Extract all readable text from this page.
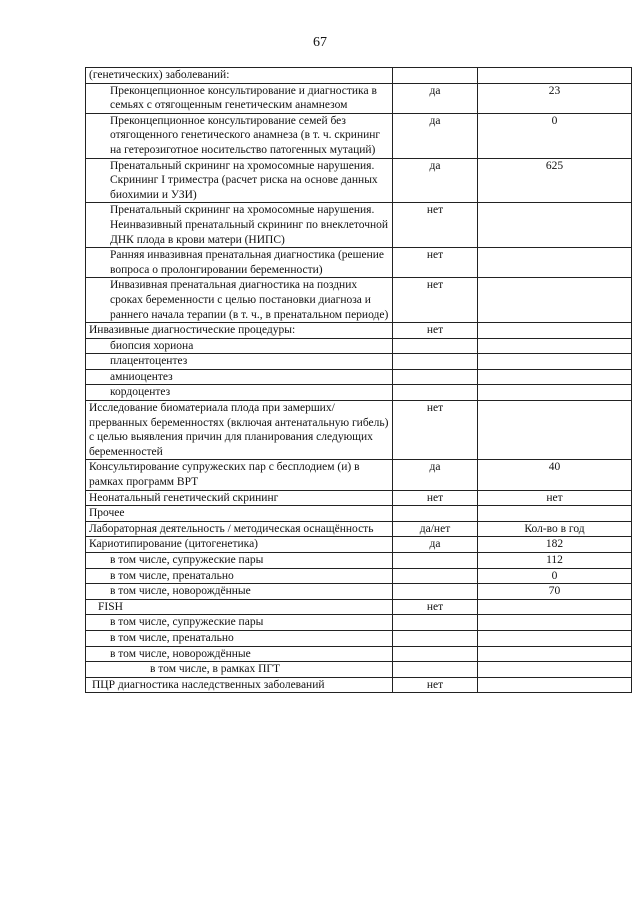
67
(генетических) заболеваний:		
Преконцепционное консультирование и диагностика в семьях с отягощенным генетическим анамнезом	да	23
Преконцепционное консультирование семей без отягощенного генетического анамнеза (в т. ч. скрининг на гетерозиготное носительство патогенных мутаций)	да	0
Пренатальный скрининг на хромосомные нарушения. Скрининг I триместра (расчет риска на основе данных биохимии и УЗИ)	да	625
Пренатальный скрининг на хромосомные нарушения. Неинвазивный пренатальный скрининг по внеклеточной ДНК плода в крови матери (НИПС)	нет	
Ранняя инвазивная пренатальная диагностика (решение вопроса о пролонгировании беременности)	нет	
Инвазивная пренатальная диагностика на поздних сроках беременности с целью постановки диагноза и раннего начала терапии (в т. ч., в пренатальном периоде)	нет	
Инвазивные диагностические процедуры:	нет	
биопсия хориона		
плацентоцентез		
амниоцентез		
кордоцентез		
Исследование биоматериала плода при замерших/прерванных беременностях (включая антенатальную гибель) с целью выявления причин для планирования следующих беременностей	нет	
Консультирование супружеских пар с бесплодием (и) в рамках программ ВРТ	да	40
Неонатальный генетический скрининг	нет	нет
Прочее		
Лабораторная деятельность / методическая оснащённость	да/нет	Кол-во в год
Кариотипирование (цитогенетика)	да	182
в том числе, супружеские пары		112
в том числе, пренатально		0
в том числе, новорождённые		70
FISH	нет	
в том числе, супружеские пары		
в том числе, пренатально		
в том числе, новорождённые		
в том числе, в рамках ПГТ		
ПЦР диагностика наследственных заболеваний	нет	
